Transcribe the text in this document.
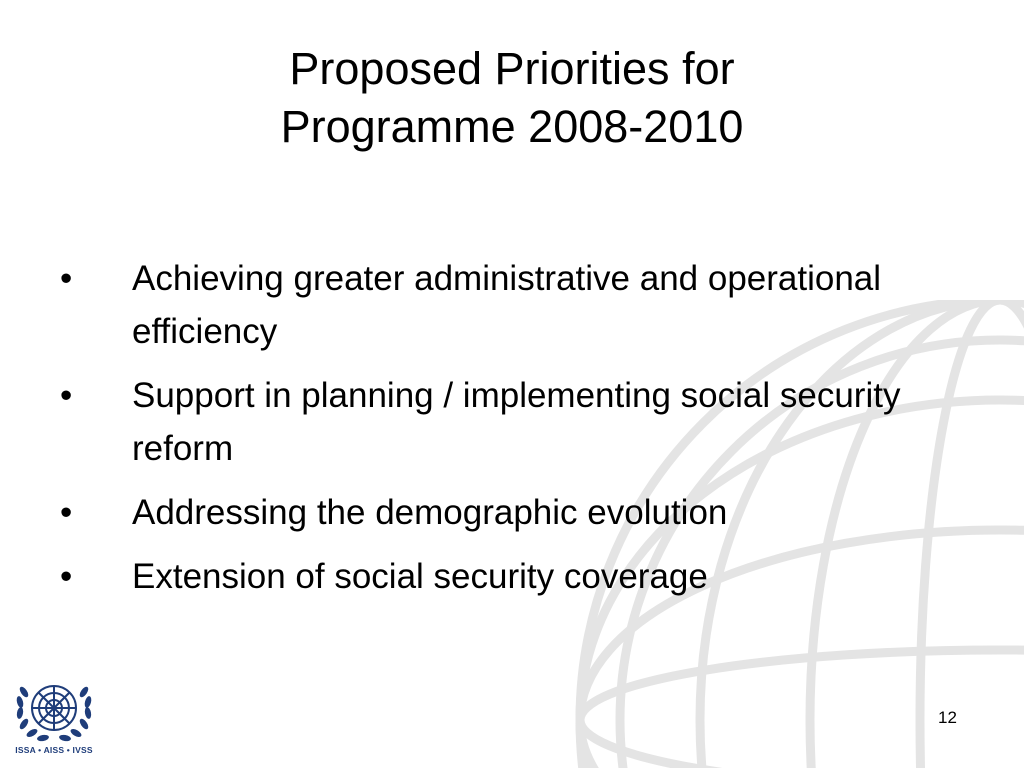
Proposed Priorities for
Programme 2008-2010
• Achieving greater administrative and operational efficiency
• Support in planning / implementing social security reform
• Addressing the demographic evolution
• Extension of social security coverage
ISSA • AISS • IVSS
12
